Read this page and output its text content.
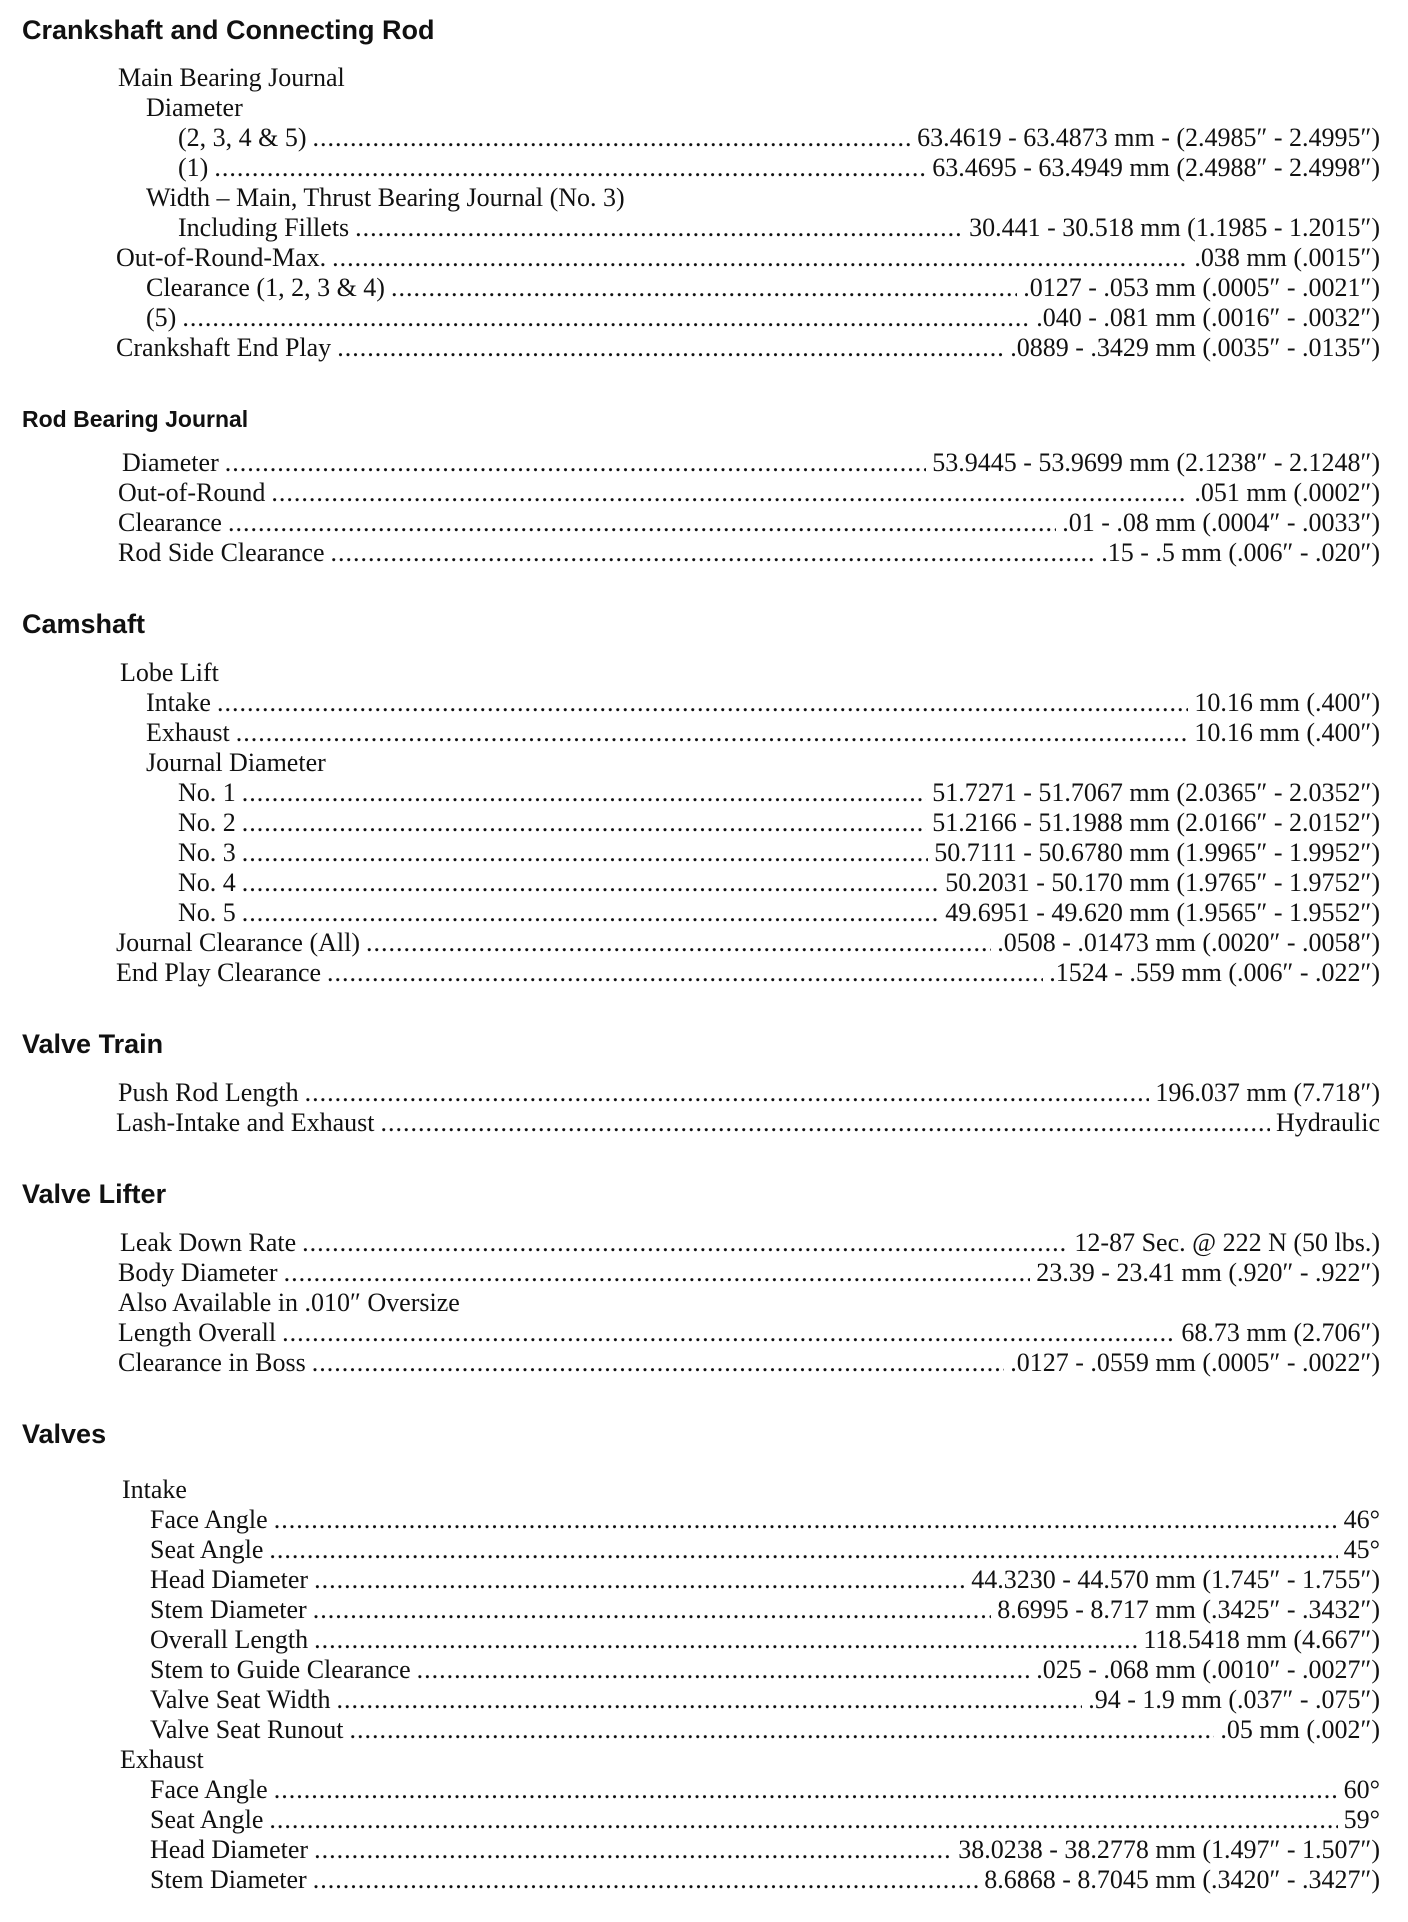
Crankshaft and Connecting Rod
Main Bearing Journal
Diameter
(2, 3, 4 & 5) .....	63.4619 - 63.4873 mm - (2.4985″ - 2.4995″)
(1) .....	63.4695 - 63.4949 mm (2.4988″ - 2.4998″)
Width – Main, Thrust Bearing Journal (No. 3)
Including Fillets .....	30.441 - 30.518 mm (1.1985 - 1.2015″)
Out-of-Round-Max. .....	.038 mm (.0015″)
Clearance (1, 2, 3 & 4) .....	.0127 - .053 mm (.0005″ - .0021″)
(5) .....	.040 - .081 mm (.0016″ - .0032″)
Crankshaft End Play .....	.0889 - .3429 mm (.0035″ - .0135″)
Rod Bearing Journal
Diameter .....	53.9445 - 53.9699 mm (2.1238″ - 2.1248″)
Out-of-Round .....	.051 mm (.0002″)
Clearance .....	.01 - .08 mm (.0004″ - .0033″)
Rod Side Clearance .....	.15 - .5 mm (.006″ - .020″)
Camshaft
Lobe Lift
Intake .....	10.16 mm (.400″)
Exhaust .....	10.16 mm (.400″)
Journal Diameter
No. 1 .....	51.7271 - 51.7067 mm (2.0365″ - 2.0352″)
No. 2 .....	51.2166 - 51.1988 mm (2.0166″ - 2.0152″)
No. 3 .....	50.7111 - 50.6780 mm (1.9965″ - 1.9952″)
No. 4 .....	50.2031 - 50.170 mm (1.9765″ - 1.9752″)
No. 5 .....	49.6951 - 49.620 mm (1.9565″ - 1.9552″)
Journal Clearance (All) .....	.0508 - .01473 mm (.0020″ - .0058″)
End Play Clearance .....	.1524 - .559 mm (.006″ - .022″)
Valve Train
Push Rod Length .....	196.037 mm (7.718″)
Lash-Intake and Exhaust .....	Hydraulic
Valve Lifter
Leak Down Rate .....	12-87 Sec. @ 222 N (50 lbs.)
Body Diameter .....	23.39 - 23.41 mm (.920″ - .922″)
Also Available in .010″ Oversize
Length Overall .....	68.73 mm (2.706″)
Clearance in Boss .....	.0127 - .0559 mm (.0005″ - .0022″)
Valves
Intake
Face Angle .....	46°
Seat Angle .....	45°
Head Diameter .....	44.3230 - 44.570 mm (1.745″ - 1.755″)
Stem Diameter .....	8.6995 - 8.717 mm (.3425″ - .3432″)
Overall Length .....	118.5418 mm (4.667″)
Stem to Guide Clearance .....	.025 - .068 mm (.0010″ - .0027″)
Valve Seat Width .....	.94 - 1.9 mm (.037″ - .075″)
Valve Seat Runout .....	.05 mm (.002″)
Exhaust
Face Angle .....	60°
Seat Angle .....	59°
Head Diameter .....	38.0238 - 38.2778 mm (1.497″ - 1.507″)
Stem Diameter .....	8.6868 - 8.7045 mm (.3420″ - .3427″)
